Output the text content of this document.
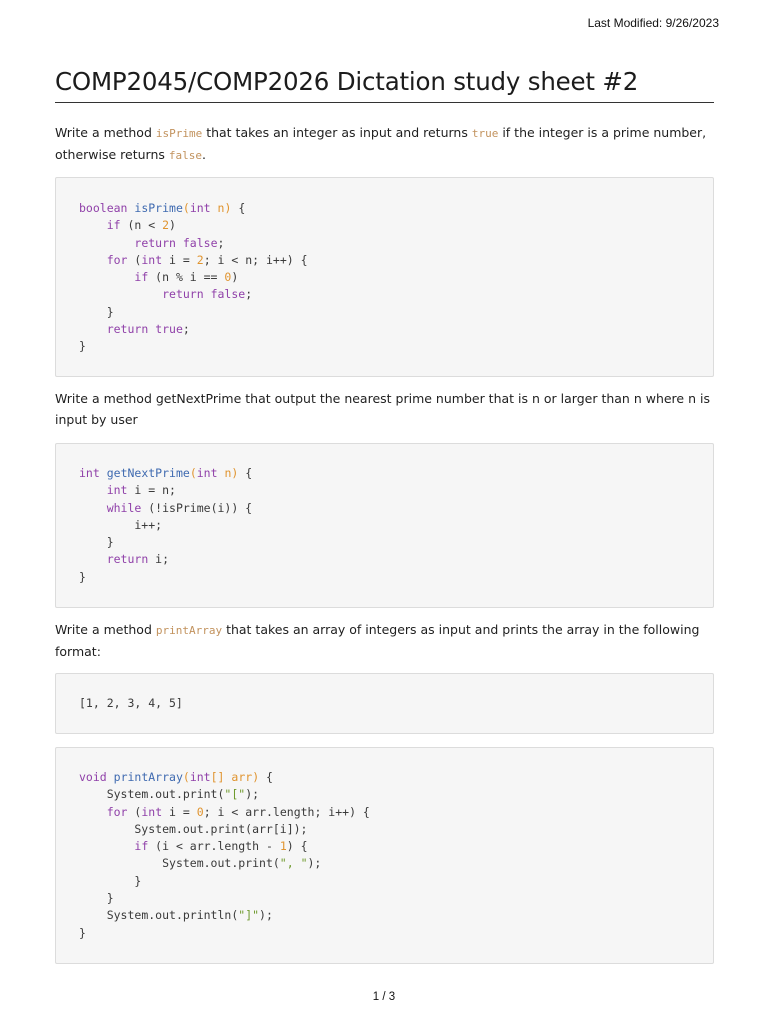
Last Modified: 9/26/2023
COMP2045/COMP2026 Dictation study sheet #2

Write a method isPrime that takes an integer as input and returns true if the integer is a prime number, otherwise returns false.

boolean isPrime(int n) {
if (n < 2)
return false;
for (int i = 2; i < n; i++) {
if (n % i == 0)
return false;
}
return true;
}

Write a method getNextPrime that output the nearest prime number that is n or larger than n where n is input by user

int getNextPrime(int n) {
int i = n;
while (!isPrime(i)) {
i++;
}
return i;
}

Write a method printArray that takes an array of integers as input and prints the array in the following format:

[1, 2, 3, 4, 5]
void printArray(int[] arr) {
System.out.print("[");
for (int i = 0; i < arr.length; i++) {
System.out.print(arr[i]);
if (i < arr.length - 1) {
System.out.print(", ");
}
}
System.out.println("]");
}
1 / 3
